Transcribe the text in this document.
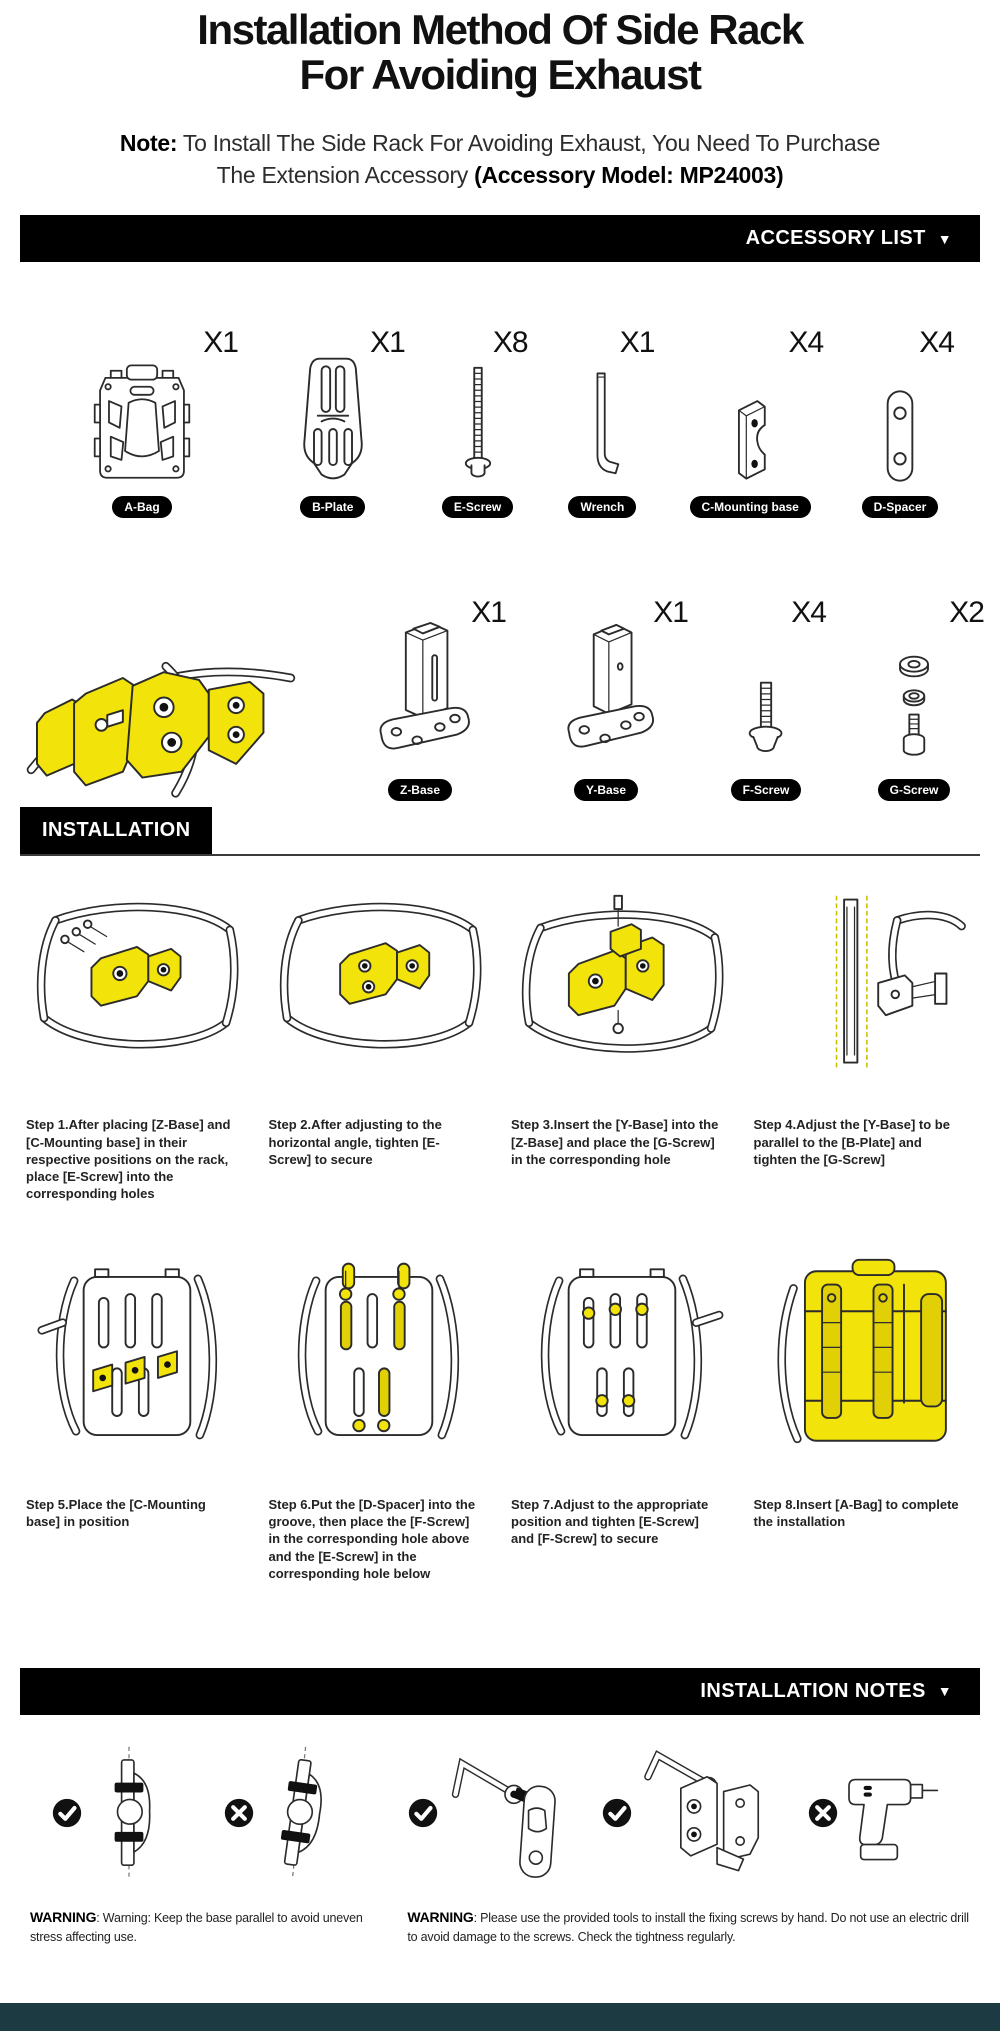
Installation Method Of Side Rack
For Avoiding Exhaust

Note: To Install The Side Rack For Avoiding Exhaust, You Need To Purchase The Extension Accessory (Accessory Model: MP24003)

ACCESSORY LIST ▼
X1
A-Bag
X1
B-Plate
X8
E-Screw
X1
Wrench
X4
C-Mounting base
X4
D-Spacer
X1
Z-Base
X1
Y-Base
X4
F-Screw
X2
G-Screw
INSTALLATION

Step 1.After placing [Z-Base] and [C-Mounting base] in their respective positions on the rack, place [E-Screw] into the corresponding holes

Step 2.After adjusting to the horizontal angle, tighten [E-Screw] to secure

Step 3.Insert the [Y-Base] into the [Z-Base] and place the [G-Screw] in the corresponding hole

Step 4.Adjust the [Y-Base] to be parallel to the [B-Plate] and tighten the [G-Screw]

Step 5.Place the [C-Mounting base] in position

Step 6.Put the [D-Spacer] into the groove, then place the [F-Screw] in the corresponding hole above and the [E-Screw] in the corresponding hole below

Step 7.Adjust to the appropriate position and tighten [E-Screw] and [F-Screw] to secure

Step 8.Insert [A-Bag] to complete the installation

INSTALLATION NOTES ▼

WARNING: Warning: Keep the base parallel to avoid uneven stress affecting use.

WARNING: Please use the provided tools to install the fixing screws by hand. Do not use an electric drill to avoid damage to the screws. Check the tightness regularly.
